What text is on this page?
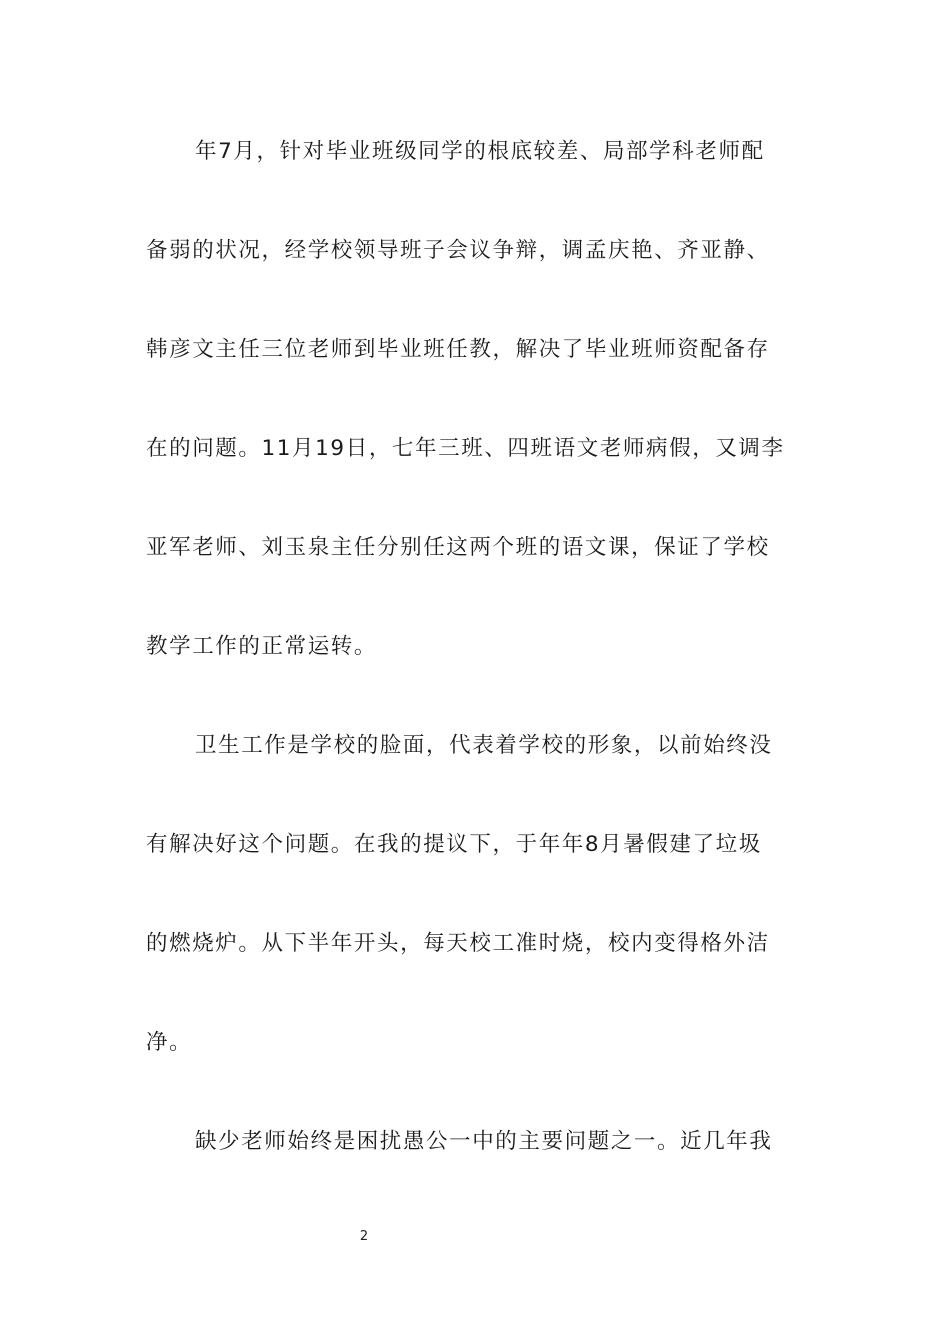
年7月，针对毕业班级同学的根底较差、局部学科老师配
备弱的状况，经学校领导班子会议争辩，调孟庆艳、齐亚静、
韩彦文主任三位老师到毕业班任教，解决了毕业班师资配备存
在的问题。11月19日，七年三班、四班语文老师病假，又调李
亚军老师、刘玉泉主任分别任这两个班的语文课，保证了学校
教学工作的正常运转。
卫生工作是学校的脸面，代表着学校的形象，以前始终没
有解决好这个问题。在我的提议下，于年年8月暑假建了垃圾
的燃烧炉。从下半年开头，每天校工准时烧，校内变得格外洁
净。
缺少老师始终是困扰愚公一中的主要问题之一。近几年我
2
